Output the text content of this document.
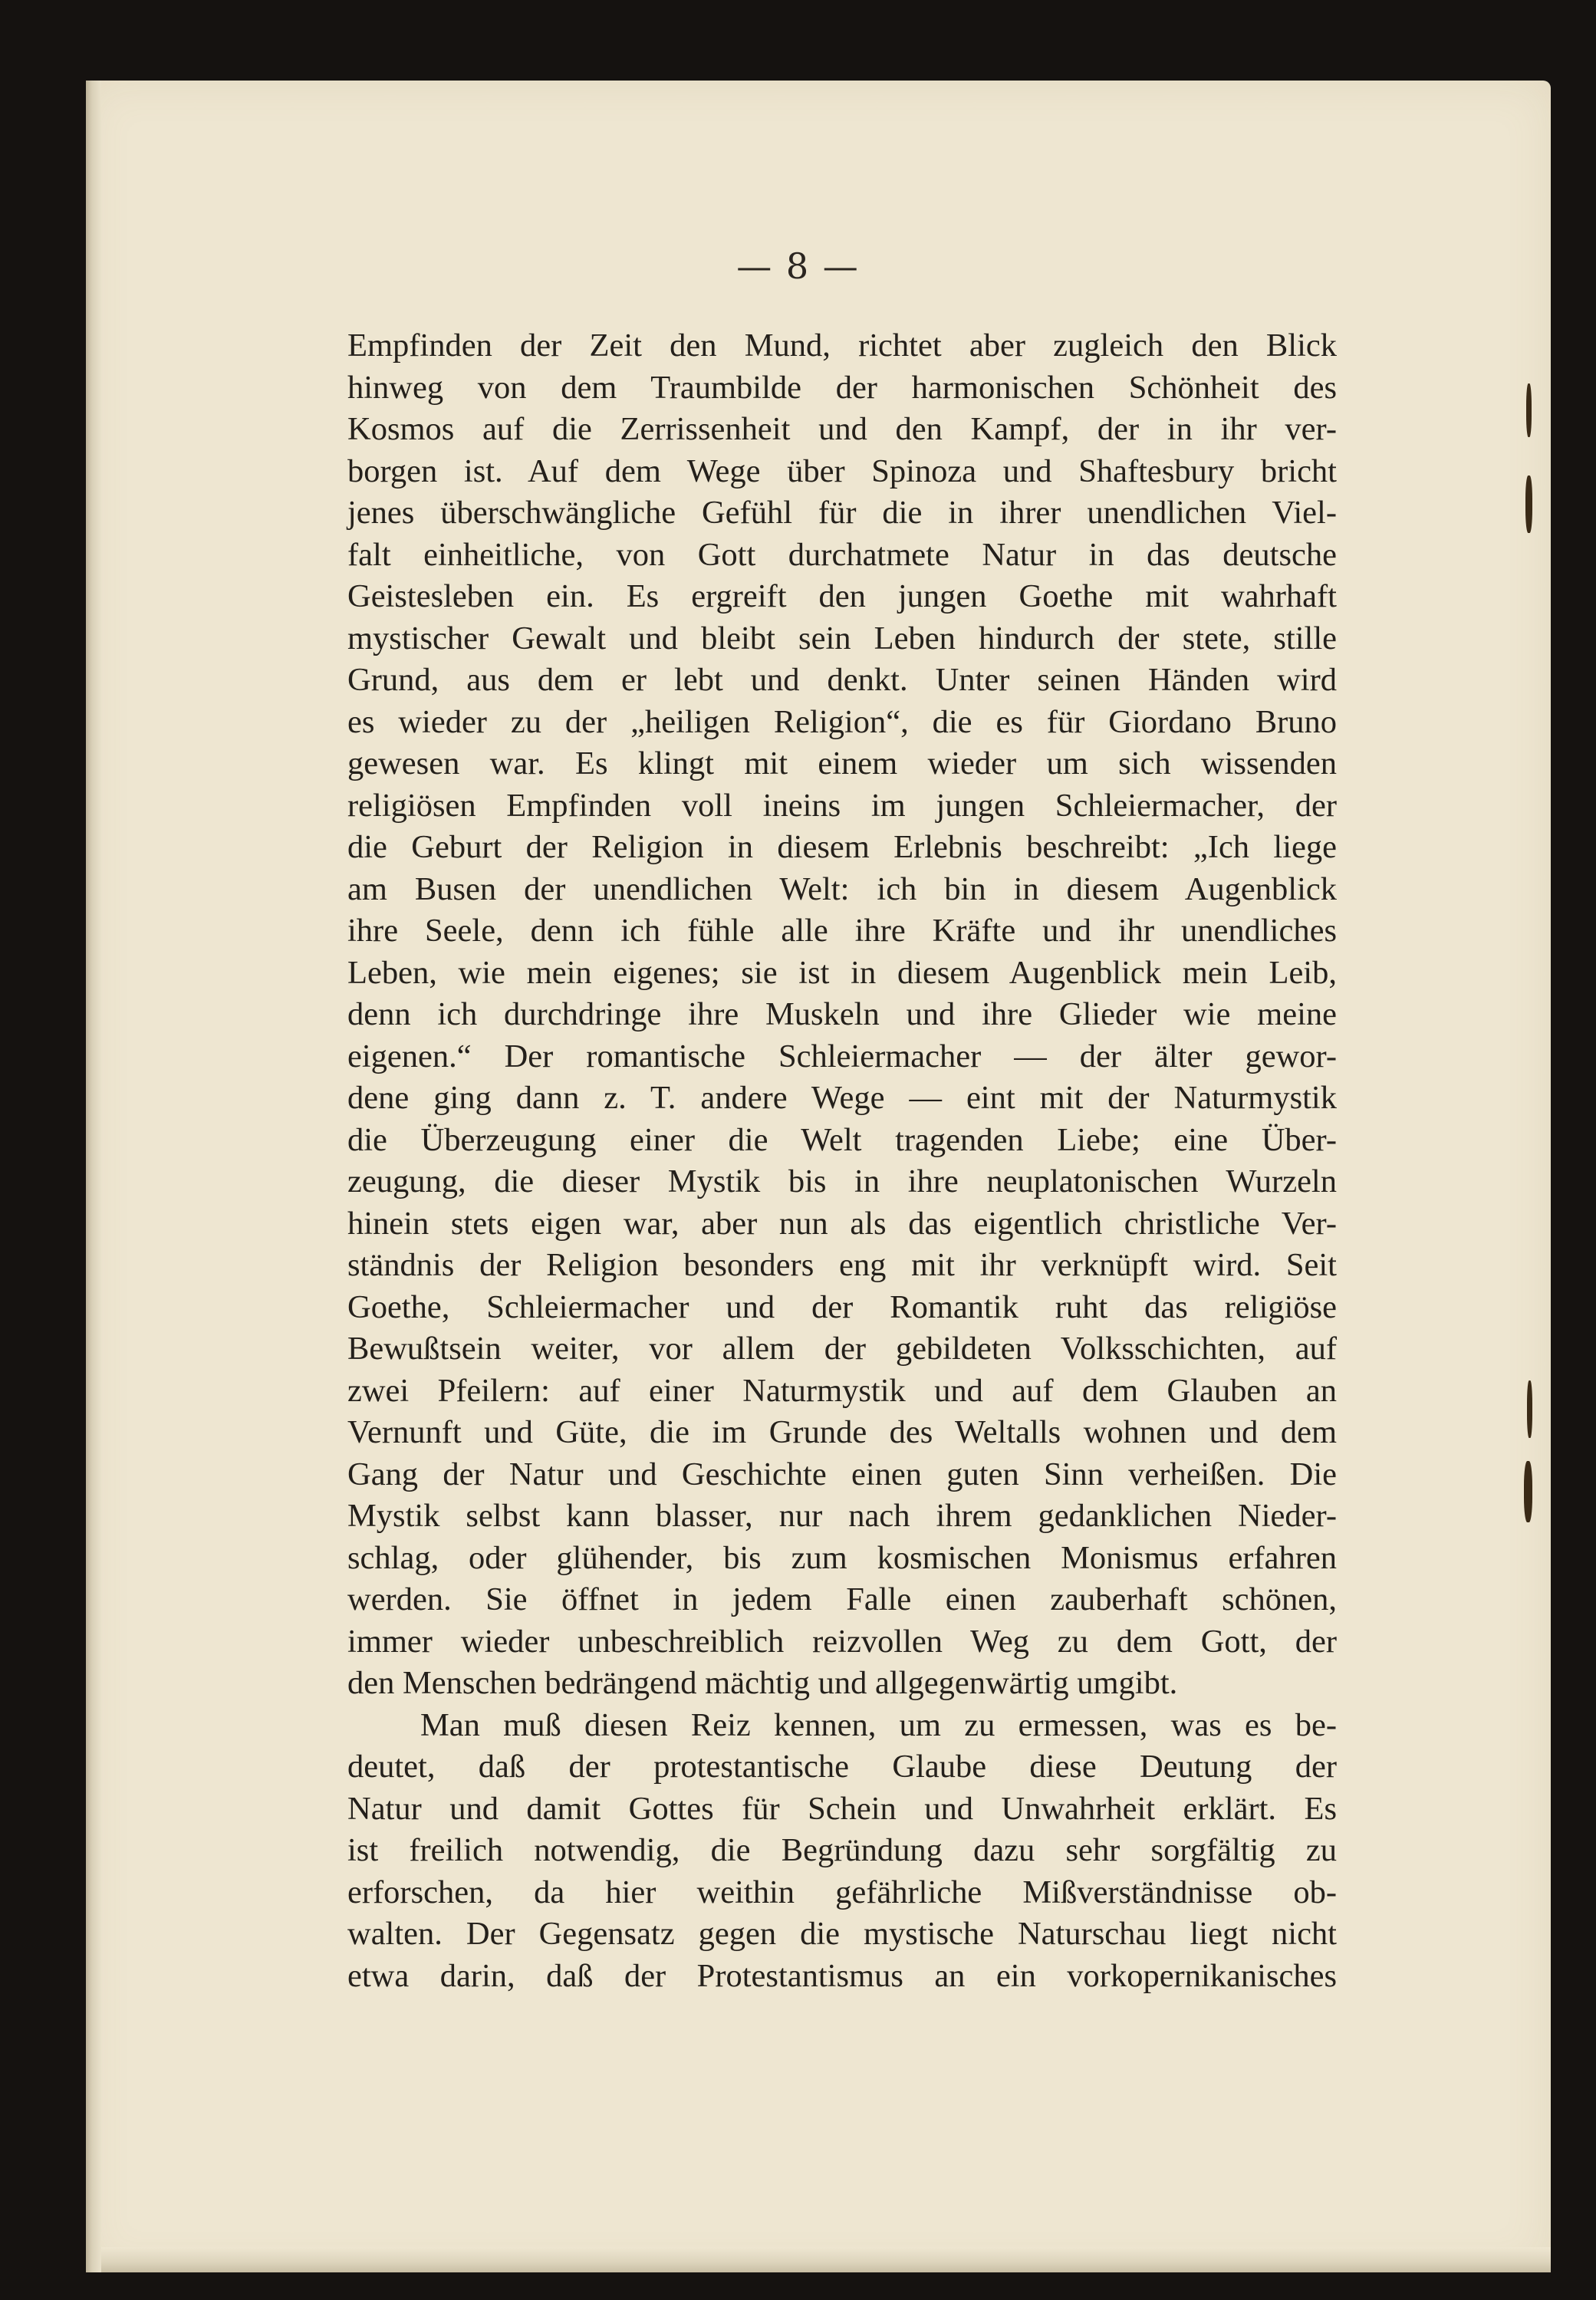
— 8 —
Empfinden der Zeit den Mund, richtet aber zugleich den Blick
hinweg von dem Traumbilde der harmonischen Schönheit des
Kosmos auf die Zerrissenheit und den Kampf, der in ihr ver-
borgen ist. Auf dem Wege über Spinoza und Shaftesbury bricht
jenes überschwängliche Gefühl für die in ihrer unendlichen Viel-
falt einheitliche, von Gott durchatmete Natur in das deutsche
Geistesleben ein. Es ergreift den jungen Goethe mit wahrhaft
mystischer Gewalt und bleibt sein Leben hindurch der stete, stille
Grund, aus dem er lebt und denkt. Unter seinen Händen wird
es wieder zu der „heiligen Religion“, die es für Giordano Bruno
gewesen war. Es klingt mit einem wieder um sich wissenden
religiösen Empfinden voll ineins im jungen Schleiermacher, der
die Geburt der Religion in diesem Erlebnis beschreibt: „Ich liege
am Busen der unendlichen Welt: ich bin in diesem Augenblick
ihre Seele, denn ich fühle alle ihre Kräfte und ihr unendliches
Leben, wie mein eigenes; sie ist in diesem Augenblick mein Leib,
denn ich durchdringe ihre Muskeln und ihre Glieder wie meine
eigenen.“ Der romantische Schleiermacher — der älter gewor-
dene ging dann z. T. andere Wege — eint mit der Naturmystik
die Überzeugung einer die Welt tragenden Liebe; eine Über-
zeugung, die dieser Mystik bis in ihre neuplatonischen Wurzeln
hinein stets eigen war, aber nun als das eigentlich christliche Ver-
ständnis der Religion besonders eng mit ihr verknüpft wird. Seit
Goethe, Schleiermacher und der Romantik ruht das religiöse
Bewußtsein weiter, vor allem der gebildeten Volksschichten, auf
zwei Pfeilern: auf einer Naturmystik und auf dem Glauben an
Vernunft und Güte, die im Grunde des Weltalls wohnen und dem
Gang der Natur und Geschichte einen guten Sinn verheißen. Die
Mystik selbst kann blasser, nur nach ihrem gedanklichen Nieder-
schlag, oder glühender, bis zum kosmischen Monismus erfahren
werden. Sie öffnet in jedem Falle einen zauberhaft schönen,
immer wieder unbeschreiblich reizvollen Weg zu dem Gott, der
den Menschen bedrängend mächtig und allgegenwärtig umgibt.
Man muß diesen Reiz kennen, um zu ermessen, was es be-
deutet, daß der protestantische Glaube diese Deutung der
Natur und damit Gottes für Schein und Unwahrheit erklärt. Es
ist freilich notwendig, die Begründung dazu sehr sorgfältig zu
erforschen, da hier weithin gefährliche Mißverständnisse ob-
walten. Der Gegensatz gegen die mystische Naturschau liegt nicht
etwa darin, daß der Protestantismus an ein vorkopernikanisches
